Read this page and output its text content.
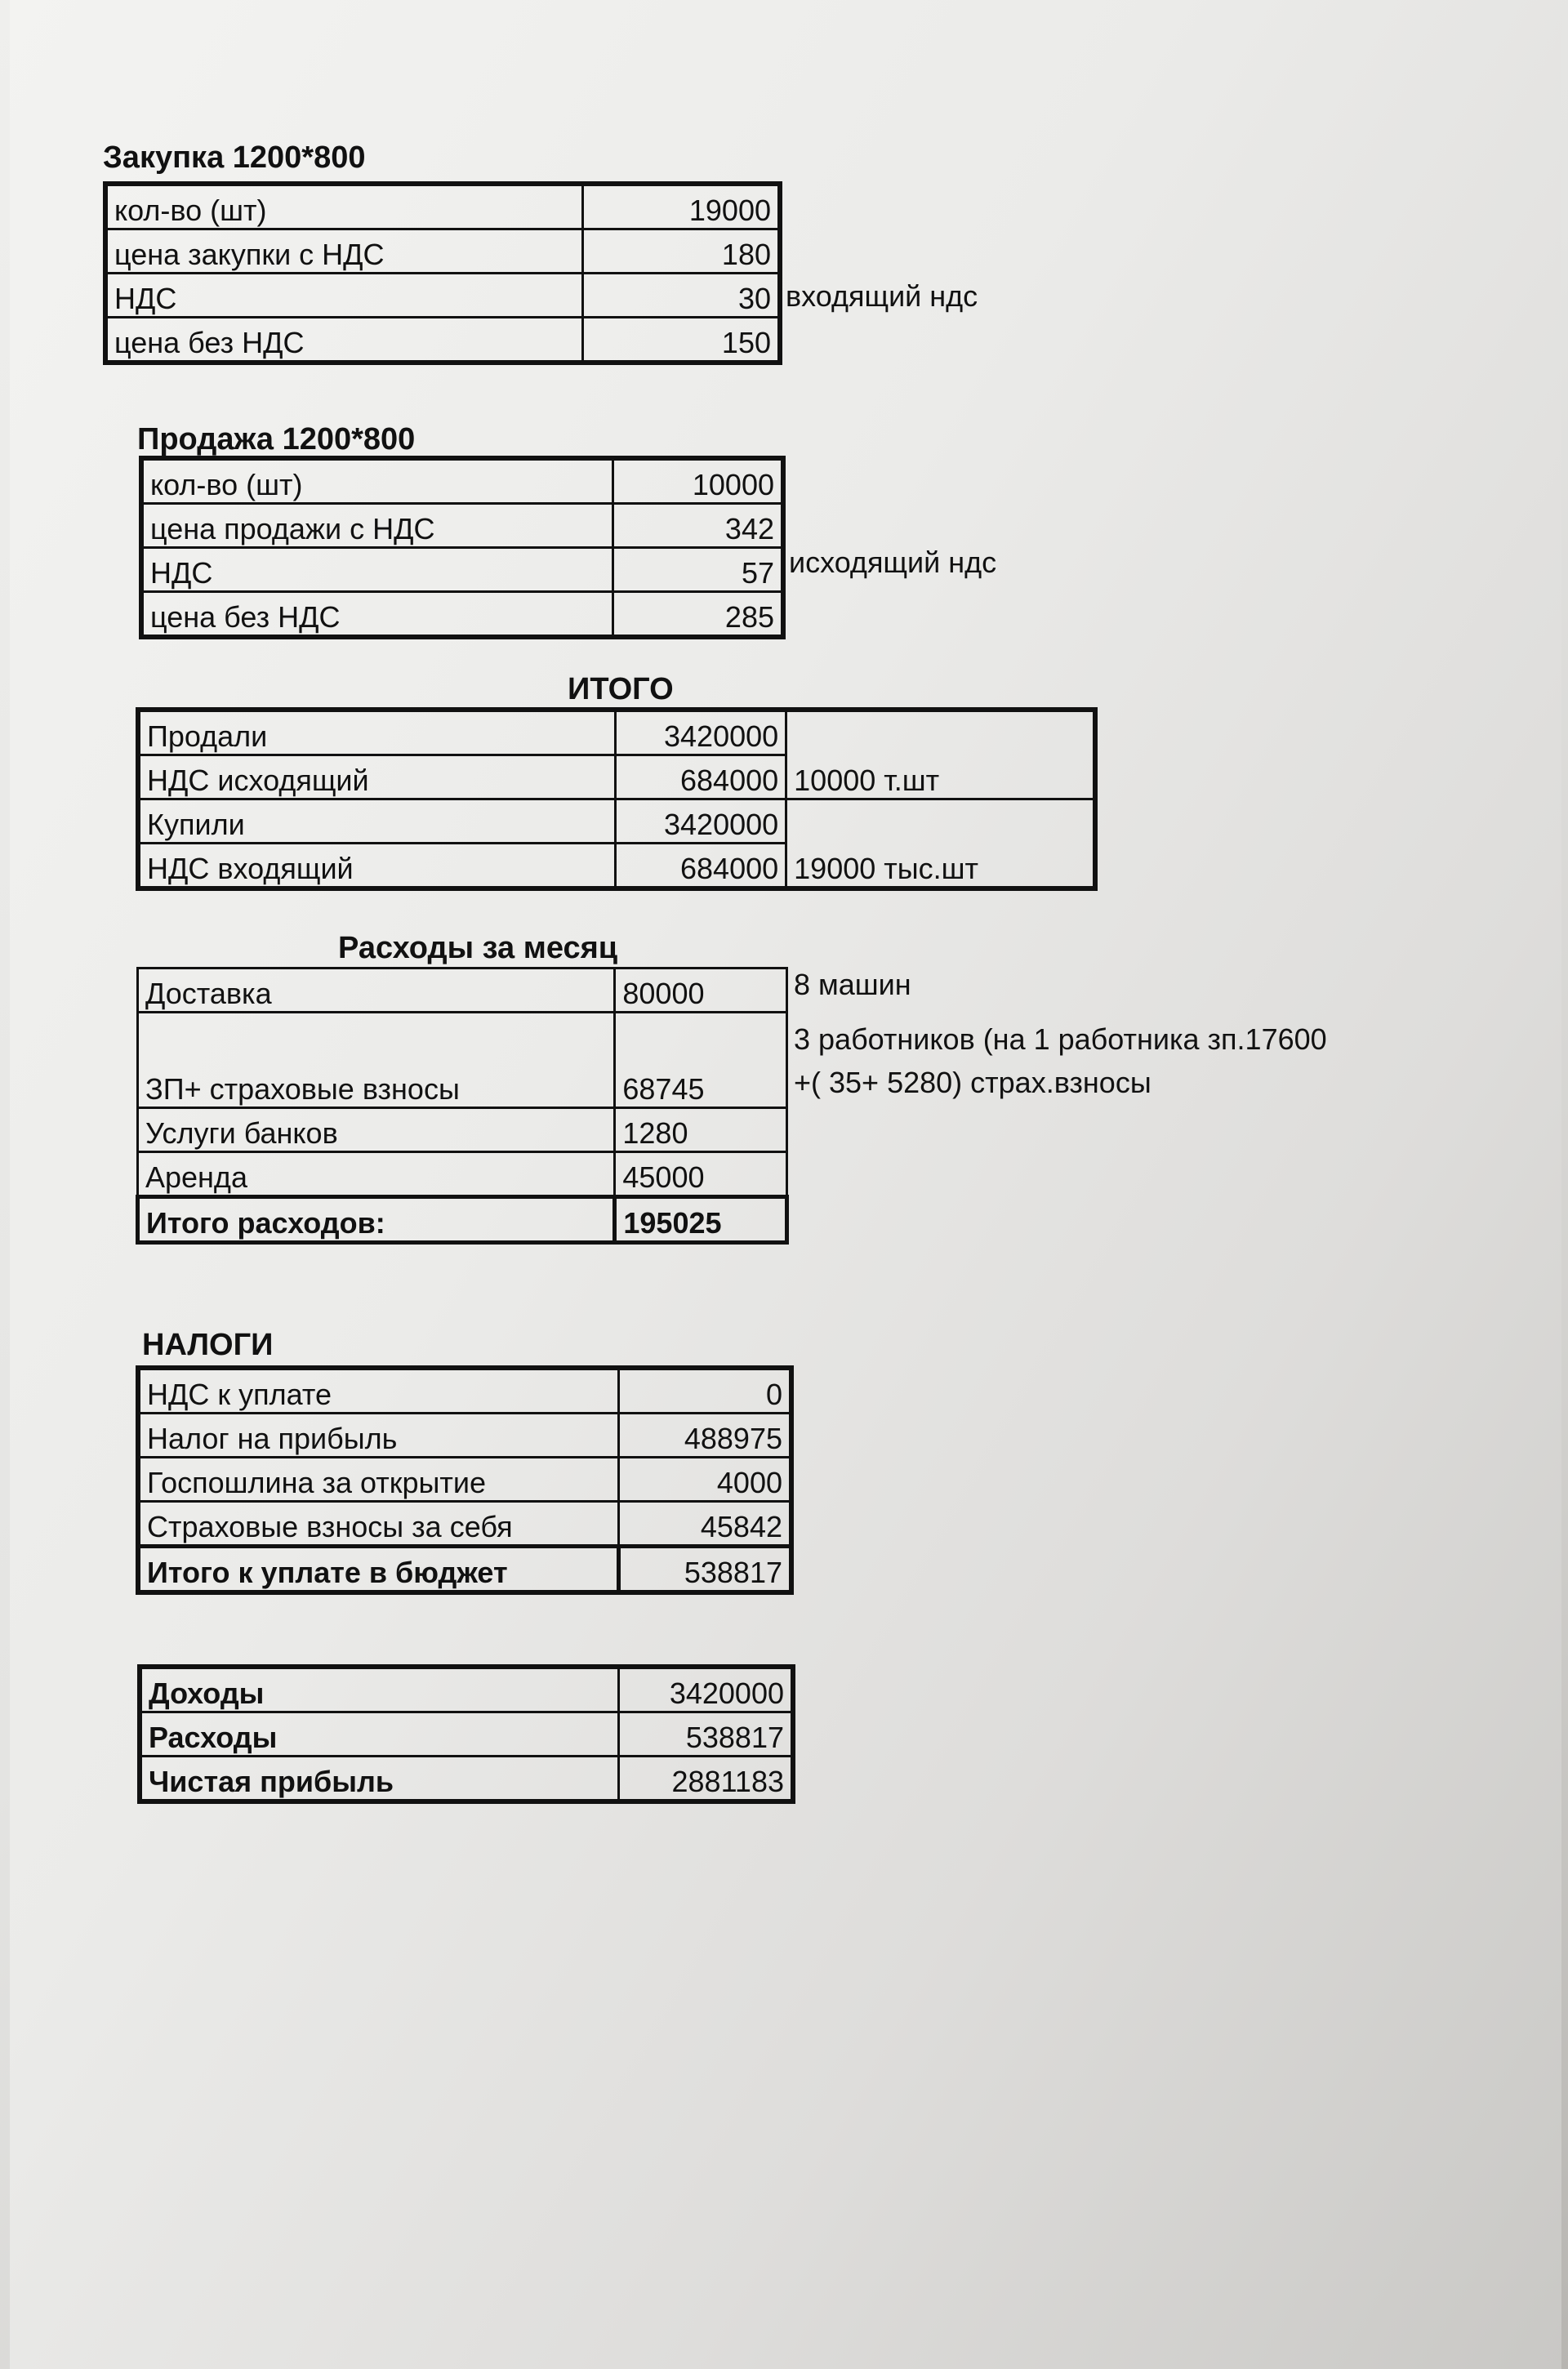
Закупка 1200*800
кол-во (шт)	19000
цена закупки с НДС	180
НДС	30
цена без НДС	150
входящий ндс
Продажа 1200*800
кол-во (шт)	10000
цена продажи с НДС	342
НДС	57
цена без НДС	285
исходящий ндс
ИТОГО
Продали	3420000	
НДС исходящий	684000	10000 т.шт
Купили	3420000	
НДС входящий	684000	19000 тыс.шт
Расходы за месяц
Доставка	80000
ЗП+ страховые взносы	68745
Услуги банков	1280
Аренда	45000
Итого расходов:	195025
8 машин
3 работников (на 1 работника зп.17600
+( 35+ 5280) страх.взносы
НАЛОГИ
НДС к уплате	0
Налог на прибыль	488975
Госпошлина за открытие	4000
Страховые взносы за себя	45842
Итого к уплате в бюджет	538817
Доходы	3420000
Расходы	538817
Чистая прибыль	2881183
